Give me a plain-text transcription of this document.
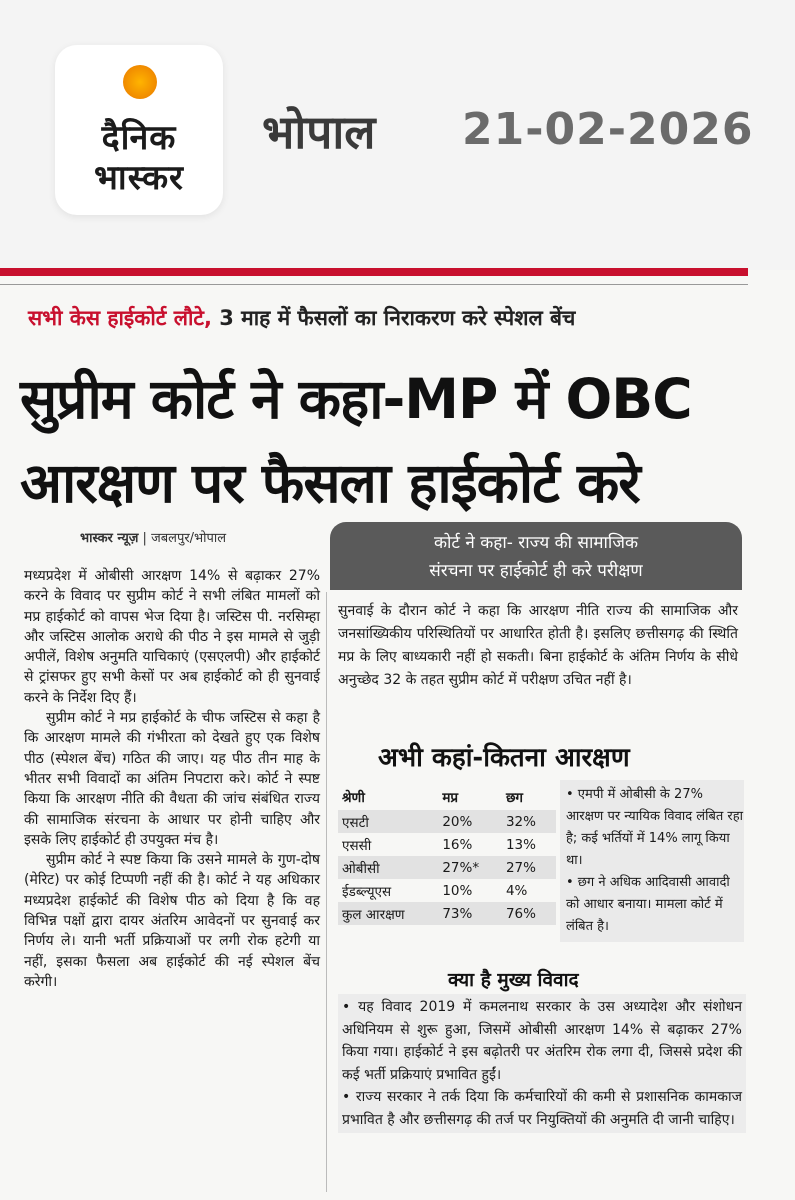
दैनिक
भास्कर
भोपाल 21-02-2026
सभी केस हाईकोर्ट लौटे, 3 माह में फैसलों का निराकरण करे स्पेशल बेंच
सुप्रीम कोर्ट ने कहा-MP में OBC
आरक्षण पर फैसला हाईकोर्ट करे
भास्कर न्यूज़ | जबलपुर/भोपाल

मध्यप्रदेश में ओबीसी आरक्षण 14% से बढ़ाकर 27% करने के विवाद पर सुप्रीम कोर्ट ने सभी लंबित मामलों को मप्र हाईकोर्ट को वापस भेज दिया है। जस्टिस पी. नरसिम्हा और जस्टिस आलोक अराधे की पीठ ने इस मामले से जुड़ी अपीलें, विशेष अनुमति याचिकाएं (एसएलपी) और हाईकोर्ट से ट्रांसफर हुए सभी केसों पर अब हाईकोर्ट को ही सुनवाई करने के निर्देश दिए हैं।

सुप्रीम कोर्ट ने मप्र हाईकोर्ट के चीफ जस्टिस से कहा है कि आरक्षण मामले की गंभीरता को देखते हुए एक विशेष पीठ (स्पेशल बेंच) गठित की जाए। यह पीठ तीन माह के भीतर सभी विवादों का अंतिम निपटारा करे। कोर्ट ने स्पष्ट किया कि आरक्षण नीति की वैधता की जांच संबंधित राज्य की सामाजिक संरचना के आधार पर होनी चाहिए और इसके लिए हाईकोर्ट ही उपयुक्त मंच है।

सुप्रीम कोर्ट ने स्पष्ट किया कि उसने मामले के गुण-दोष (मेरिट) पर कोई टिप्पणी नहीं की है। कोर्ट ने यह अधिकार मध्यप्रदेश हाईकोर्ट की विशेष पीठ को दिया है कि वह विभिन्न पक्षों द्वारा दायर अंतरिम आवेदनों पर सुनवाई कर निर्णय ले। यानी भर्ती प्रक्रियाओं पर लगी रोक हटेगी या नहीं, इसका फैसला अब हाईकोर्ट की नई स्पेशल बेंच करेगी।

कोर्ट ने कहा- राज्य की सामाजिक
संरचना पर हाईकोर्ट ही करे परीक्षण
सुनवाई के दौरान कोर्ट ने कहा कि आरक्षण नीति राज्य की सामाजिक और जनसांख्यिकीय परिस्थितियों पर आधारित होती है। इसलिए छत्तीसगढ़ की स्थिति मप्र के लिए बाध्यकारी नहीं हो सकती। बिना हाईकोर्ट के अंतिम निर्णय के सीधे अनुच्छेद 32 के तहत सुप्रीम कोर्ट में परीक्षण उचित नहीं है।
अभी कहां-कितना आरक्षण
श्रेणी	मप्र	छग
एसटी	20%	32%
एससी	16%	13%
ओबीसी	27%*	27%
ईडब्ल्यूएस	10%	4%
कुल आरक्षण	73%	76%

• एमपी में ओबीसी के 27% आरक्षण पर न्यायिक विवाद लंबित रहा है; कई भर्तियों में 14% लागू किया था।

• छग ने अधिक आदिवासी आवादी को आधार बनाया। मामला कोर्ट में लंबित है।

क्या है मुख्य विवाद

• यह विवाद 2019 में कमलनाथ सरकार के उस अध्यादेश और संशोधन अधिनियम से शुरू हुआ, जिसमें ओबीसी आरक्षण 14% से बढ़ाकर 27% किया गया। हाईकोर्ट ने इस बढ़ोतरी पर अंतरिम रोक लगा दी, जिससे प्रदेश की कई भर्ती प्रक्रियाएं प्रभावित हुईं।

• राज्य सरकार ने तर्क दिया कि कर्मचारियों की कमी से प्रशासनिक कामकाज प्रभावित है और छत्तीसगढ़ की तर्ज पर नियुक्तियों की अनुमति दी जानी चाहिए।
